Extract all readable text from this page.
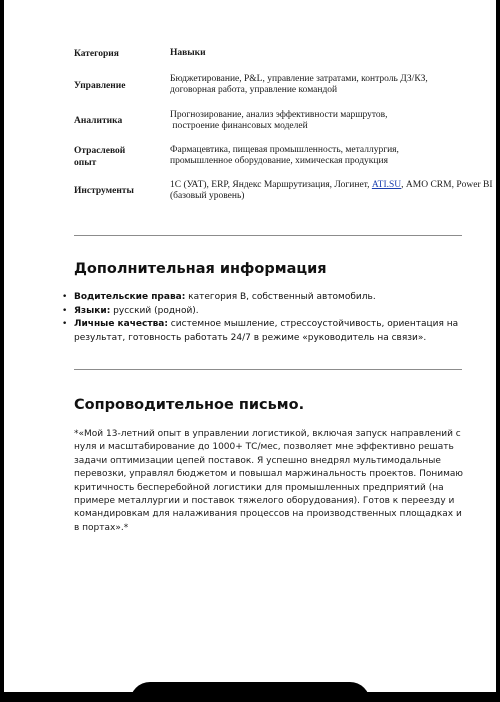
Категория	Навыки
Управление
Бюджетирование, P&L, управление затратами, контроль ДЗ/КЗ,
договорная работа, управление командой
Аналитика
Прогнозирование, анализ эффективности маршрутов,
построение финансовых моделей
Отраслевой
опыт
Фармацевтика, пищевая промышленность, металлургия,
промышленное оборудование, химическая продукция
Инструменты
1С (УАТ), ERP, Яндекс Маршрутизация, Логинет, ATI.SU, АМО CRM, Power BI
(базовый уровень)
Дополнительная информация
• Водительские права: категория B, собственный автомобиль.
• Языки: русский (родной).
• Личные качества: системное мышление, стрессоустойчивость, ориентация на результат, готовность работать 24/7 в режиме «руководитель на связи».
Сопроводительное письмо.

*«Мой 13-летний опыт в управлении логистикой, включая запуск направлений с нуля и масштабирование до 1000+ ТС/мес, позволяет мне эффективно решать задачи оптимизации цепей поставок. Я успешно внедрял мультимодальные перевозки, управлял бюджетом и повышал маржинальность проектов. Понимаю критичность бесперебойной логистики для промышленных предприятий (на примере металлургии и поставок тяжелого оборудования). Готов к переезду и командировкам для налаживания процессов на производственных площадках и в портах».*
